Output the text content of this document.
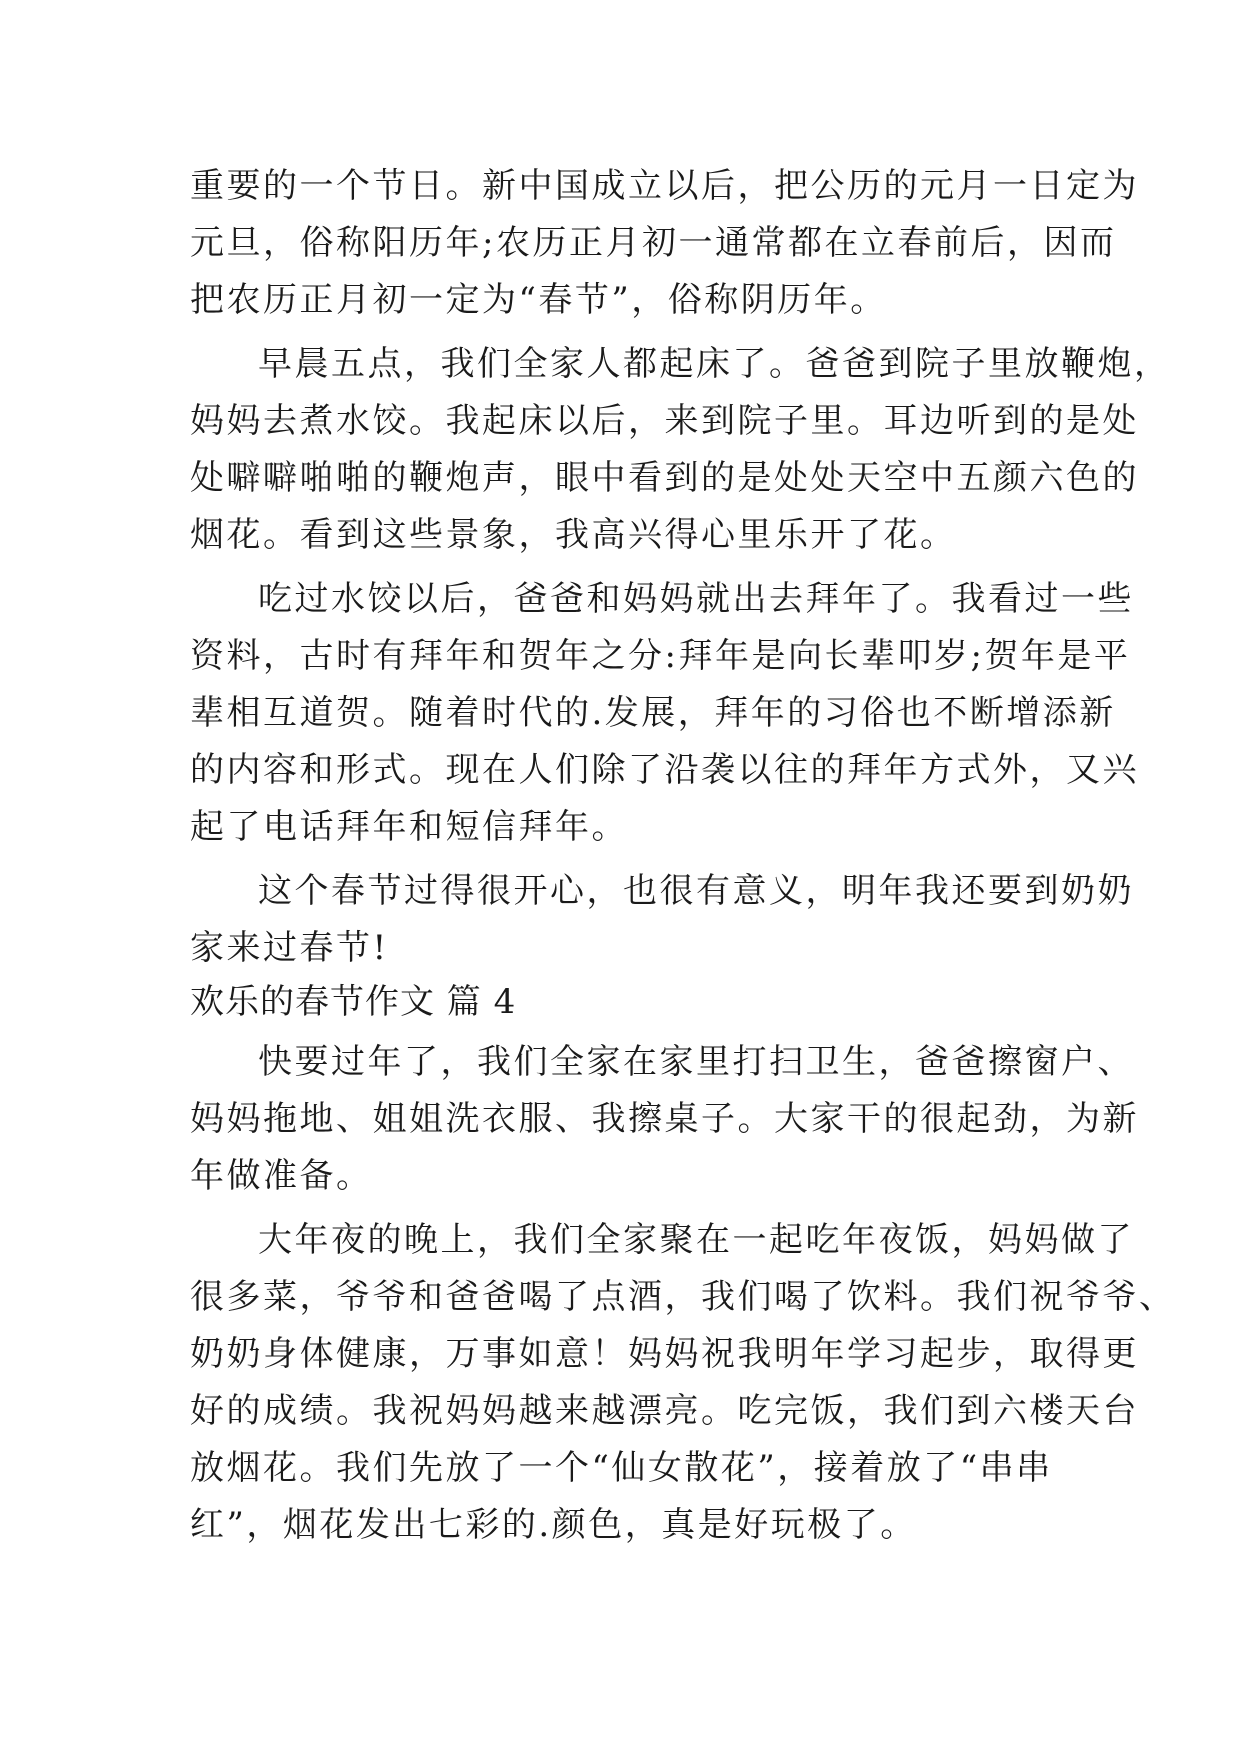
重要的一个节日。新中国成立以后，把公历的元月一日定为
元旦，俗称阳历年;农历正月初一通常都在立春前后，因而
把农历正月初一定为“春节”，俗称阴历年。
早晨五点，我们全家人都起床了。爸爸到院子里放鞭炮，
妈妈去煮水饺。我起床以后，来到院子里。耳边听到的是处
处噼噼啪啪的鞭炮声，眼中看到的是处处天空中五颜六色的
烟花。看到这些景象，我高兴得心里乐开了花。
吃过水饺以后，爸爸和妈妈就出去拜年了。我看过一些
资料，古时有拜年和贺年之分:拜年是向长辈叩岁;贺年是平
辈相互道贺。随着时代的.发展，拜年的习俗也不断增添新
的内容和形式。现在人们除了沿袭以往的拜年方式外，又兴
起了电话拜年和短信拜年。
这个春节过得很开心，也很有意义，明年我还要到奶奶
家来过春节!
欢乐的春节作文 篇 4
快要过年了，我们全家在家里打扫卫生，爸爸擦窗户、
妈妈拖地、姐姐洗衣服、我擦桌子。大家干的很起劲，为新
年做准备。
大年夜的晚上，我们全家聚在一起吃年夜饭，妈妈做了
很多菜，爷爷和爸爸喝了点酒，我们喝了饮料。我们祝爷爷、
奶奶身体健康，万事如意！妈妈祝我明年学习起步，取得更
好的成绩。我祝妈妈越来越漂亮。吃完饭，我们到六楼天台
放烟花。我们先放了一个“仙女散花”，接着放了“串串
红”，烟花发出七彩的.颜色，真是好玩极了。
